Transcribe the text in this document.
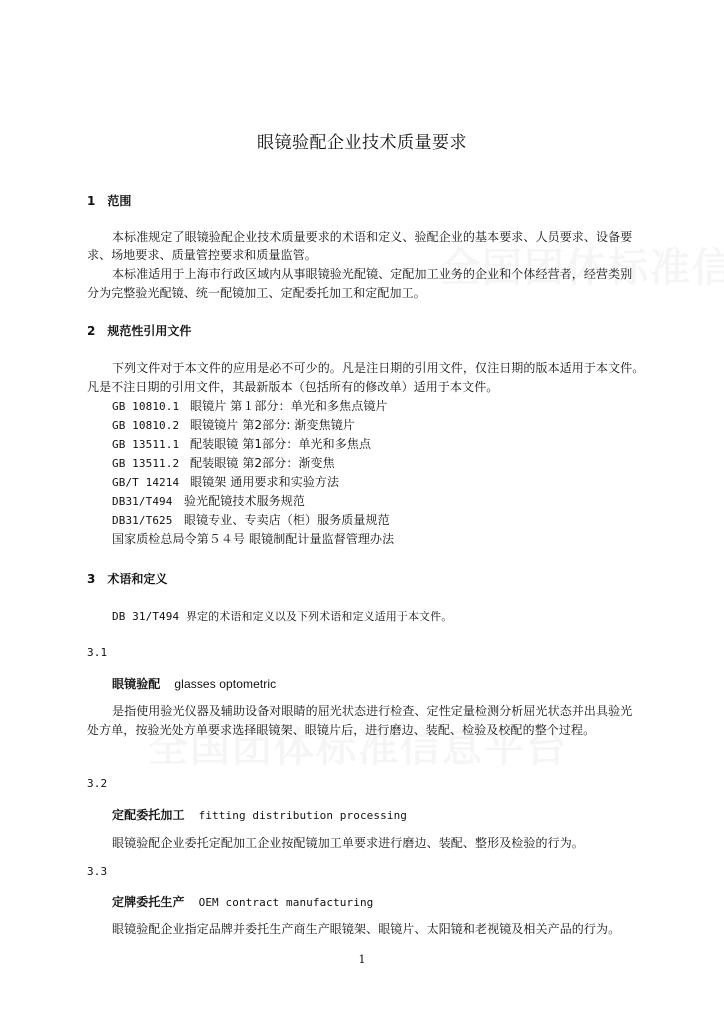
眼镜验配企业技术质量要求
1 范围
本标准规定了眼镜验配企业技术质量要求的术语和定义、验配企业的基本要求、人员要求、设备要
求、场地要求、质量管控要求和质量监管。
本标准适用于上海市行政区域内从事眼镜验光配镜、定配加工业务的企业和个体经营者，经营类别
分为完整验光配镜、统一配镜加工、定配委托加工和定配加工。
2 规范性引用文件
下列文件对于本文件的应用是必不可少的。凡是注日期的引用文件，仅注日期的版本适用于本文件。
凡是不注日期的引用文件，其最新版本（包括所有的修改单）适用于本文件。
GB 10810.1 眼镜片 第１部分：单光和多焦点镜片
GB 10810.2 眼镜镜片 第2部分: 渐变焦镜片
GB 13511.1 配装眼镜 第1部分：单光和多焦点
GB 13511.2 配装眼镜 第2部分：渐变焦
GB/T 14214 眼镜架 通用要求和实验方法
DB31/T494 验光配镜技术服务规范
DB31/T625 眼镜专业、专卖店（柜）服务质量规范
国家质检总局令第５４号 眼镜制配计量监督管理办法
3 术语和定义
DB 31/T494 界定的术语和定义以及下列术语和定义适用于本文件。
3.1
眼镜验配 glasses optometric
是指使用验光仪器及辅助设备对眼睛的屈光状态进行检查、定性定量检测分析屈光状态并出具验光
处方单，按验光处方单要求选择眼镜架、眼镜片后，进行磨边、装配、检验及校配的整个过程。
3.2
定配委托加工 fitting distribution processing
眼镜验配企业委托定配加工企业按配镜加工单要求进行磨边、装配、整形及检验的行为。
3.3
定牌委托生产 OEM contract manufacturing
眼镜验配企业指定品牌并委托生产商生产眼镜架、眼镜片、太阳镜和老视镜及相关产品的行为。
1
